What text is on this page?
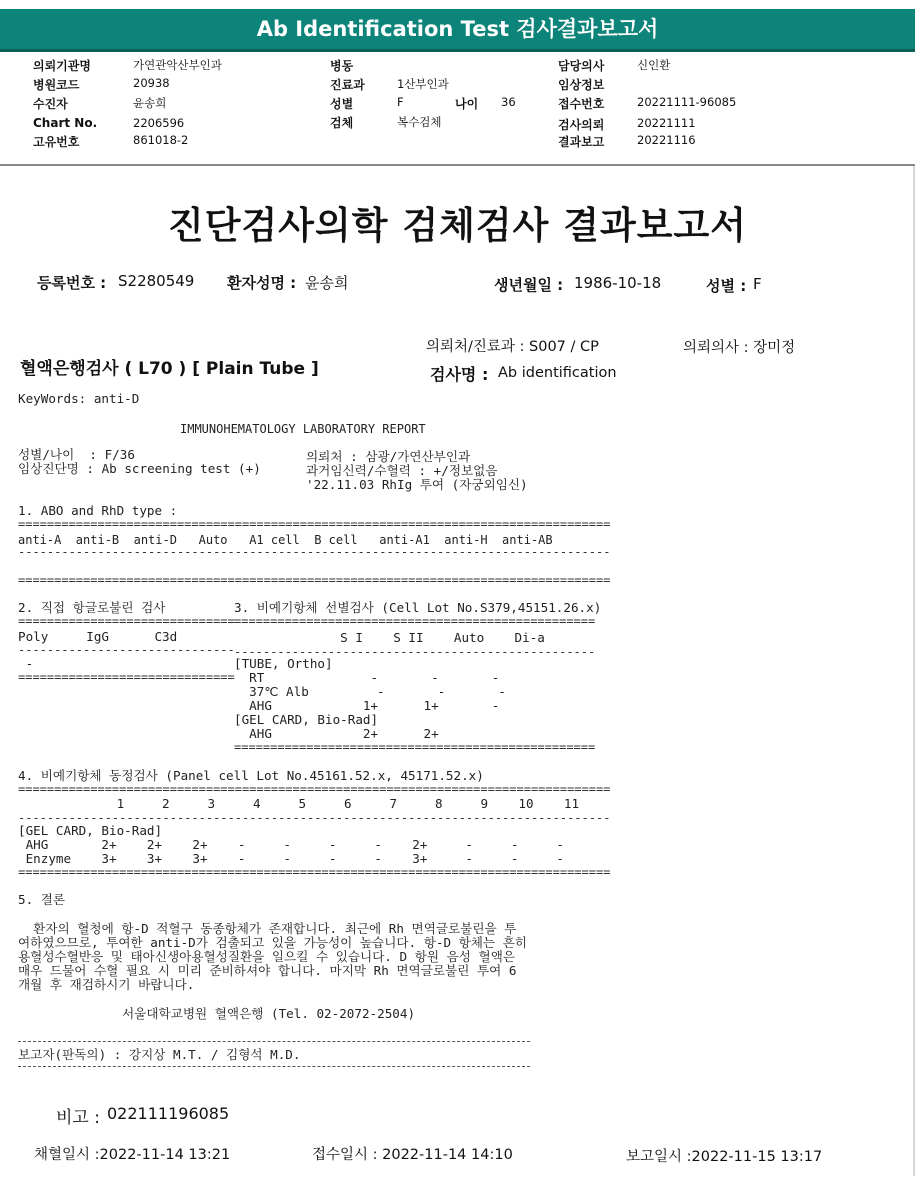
Ab Identification Test 검사결과보고서
의뢰기관명	가연관악산부인과
병원코드	20938
수진자	윤송희
Chart No.	2206596
고유번호	861018-2
병동
진료과	1산부인과
성별	F	나이 36
검체	복수검체
담당의사	신인환
임상정보
접수번호	20221111-96085
검사의뢰	20221111
결과보고	20221116
진단검사의학 검체검사 결과보고서
등록번호 : S2280549 환자성명 : 윤송희	생년월일 : 1986-10-18	성별 : F
의뢰처/진료과 : S007 / CP	의뢰의사 : 장미정
혈액은행검사 ( L70 ) [ Plain Tube ]	검사명 : Ab identification
KeyWords: anti-D
IMMUNOHEMATOLOGY LABORATORY REPORT
성별/나이  : F/36
임상진단명 : Ab screening test (+)
의뢰처 : 삼광/가연산부인과
과거임신력/수혈력 : +/정보없음
'22.11.03 RhIg 투여 (자궁외임신)
1. ABO and RhD type :
==================================================================================
anti-A  anti-B  anti-D   Auto   A1 cell  B cell   anti-A1  anti-H  anti-AB
----------------------------------------------------------------------------------
==================================================================================
2. 직접 항글로불린 검사
==============================
Poly     IgG      C3d
------------------------------
-
==============================
3. 비예기항체 선별검사 (Cell Lot No.S379,45151.26.x)
==================================================
S I    S II    Auto    Di-a
--------------------------------------------------
[TUBE, Ortho]
RT              -       -       -
37℃ Alb         -       -       -
AHG            1+      1+       -
[GEL CARD, Bio-Rad]
AHG            2+      2+
==================================================
4. 비예기항체 동정검사 (Panel cell Lot No.45161.52.x, 45171.52.x)
==================================================================================
1     2     3     4     5     6     7     8     9    10    11
----------------------------------------------------------------------------------
[GEL CARD, Bio-Rad]
AHG       2+    2+    2+    -     -     -     -    2+     -     -     -
Enzyme    3+    3+    3+    -     -     -     -    3+     -     -     -
==================================================================================
5. 결론
환자의 혈청에 항-D 적혈구 동종항체가 존재합니다. 최근에 Rh 면역글로불린을 투
여하였으므로, 투여한 anti-D가 검출되고 있을 가능성이 높습니다. 항-D 항체는 흔히
용혈성수혈반응 및 태아신생아용혈성질환을 일으킬 수 있습니다. D 항원 음성 혈액은
매우 드물어 수혈 필요 시 미리 준비하셔야 합니다. 마지막 Rh 면역글로불린 투여 6
개월 후 재검하시기 바랍니다.
서울대학교병원 혈액은행 (Tel. 02-2072-2504)
보고자(판독의) : 강지상 M.T. / 김형석 M.D.
비고 : 022111196085
채혈일시 :2022-11-14 13:21	접수일시 : 2022-11-14 14:10	보고일시 :2022-11-15 13:17
